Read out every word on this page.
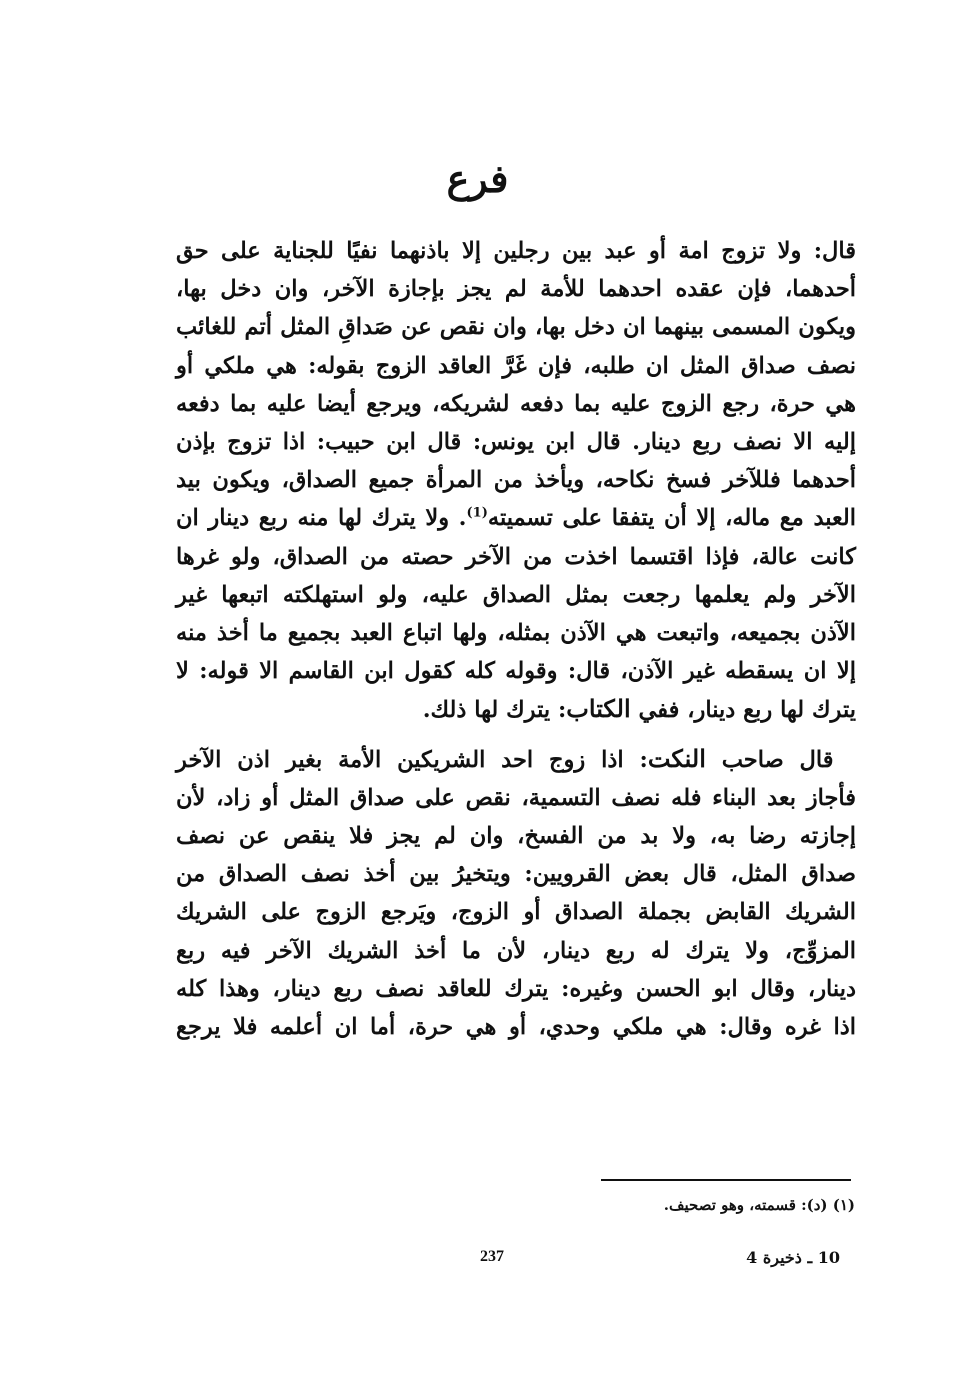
فرع

قال: ولا تزوج امة أو عبد بين رجلين إلا باذنهما نفيًا للجناية على حق
أحدهما، فإن عقده احدهما للأمة لم يجز بإجازة الآخر، وان دخل بها،
ويكون المسمى بينهما ان دخل بها، وان نقص عن صَداقِ المثل أتم للغائب
نصف صداق المثل ان طلبه، فإن غَرَّ العاقد الزوج بقوله: هي ملكي أو
هي حرة، رجع الزوج عليه بما دفعه لشريكه، ويرجع أيضا عليه بما دفعه
إليه الا نصف ربع دينار. قال ابن يونس: قال ابن حبيب: اذا تزوج بإذن
أحدهما فللآخر فسخ نكاحه، ويأخذ من المرأة جميع الصداق، ويكون بيد
العبد مع ماله، إلا أن يتفقا على تسميته$^{(1)}$. ولا يترك لها منه ربع دينار ان
كانت عالة، فإذا اقتسما اخذت من الآخر حصته من الصداق، ولو غرها
الآخر ولم يعلمها رجعت بمثل الصداق عليه، ولو استهلكته اتبعها غير
الآذن بجميعه، واتبعت هي الآذن بمثله، ولها اتباع العبد بجميع ما أخذ منه
إلا ان يسقطه غير الآذن، قال: وقوله كله كقول ابن القاسم الا قوله: لا
يترك لها ربع دينار، ففي الكتاب: يترك لها ذلك.

 قال صاحب النكت: اذا زوج احد الشريكين الأمة بغير اذن الآخر
فأجاز بعد البناء فله نصف التسمية، نقص على صداق المثل أو زاد، لأن
إجازته رضا به، ولا بد من الفسخ، وان لم يجز فلا ينقص عن نصف
صداق المثل، قال بعض القرويين: ويتخيرُ بين أخذ نصف الصداق من
الشريك القابض بجملة الصداق أو الزوج، ويَرجع الزوج على الشريك
المزوِّج، ولا يترك له ربع دينار، لأن ما أخذ الشريك الآخر فيه ربع
دينار، وقال ابو الحسن وغيره: يترك للعاقد نصف ربع دينار، وهذا كله
اذا غره وقال: هي ملكي وحدي، أو هي حرة، أما ان أعلمه فلا يرجع

(١) (د): قسمته، وهو تصحيف.
237	10 ـ ذخيرة 4
